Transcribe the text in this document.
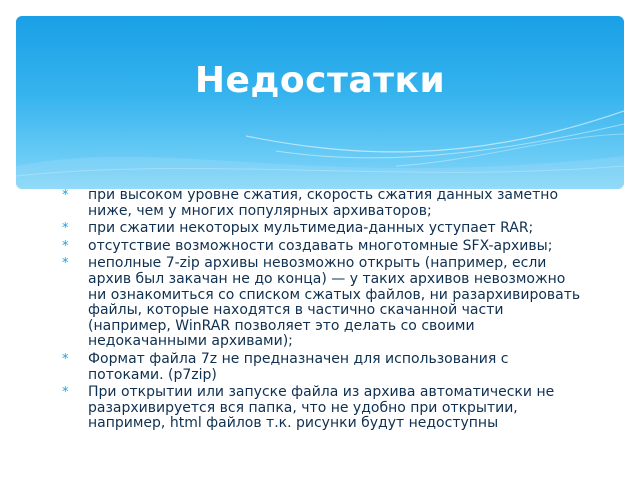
Недостатки
* при высоком уровне сжатия, скорость сжатия данных заметно ниже, чем у многих популярных архиваторов;
* при сжатии некоторых мультимедиа-данных уступает RAR;
* отсутствие возможности создавать многотомные SFX-архивы;
* неполные 7-zip архивы невозможно открыть (например, если архив был закачан не до конца) — у таких архивов невозможно ни ознакомиться со списком сжатых файлов, ни разархивировать файлы, которые находятся в частично скачанной части (например, WinRAR позволяет это делать со своими недокачанными архивами);
* Формат файла 7z не предназначен для использования с потоками. (p7zip)
* При открытии или запуске файла из архива автоматически не разархивируется вся папка, что не удобно при открытии, например, html файлов т.к. рисунки будут недоступны
